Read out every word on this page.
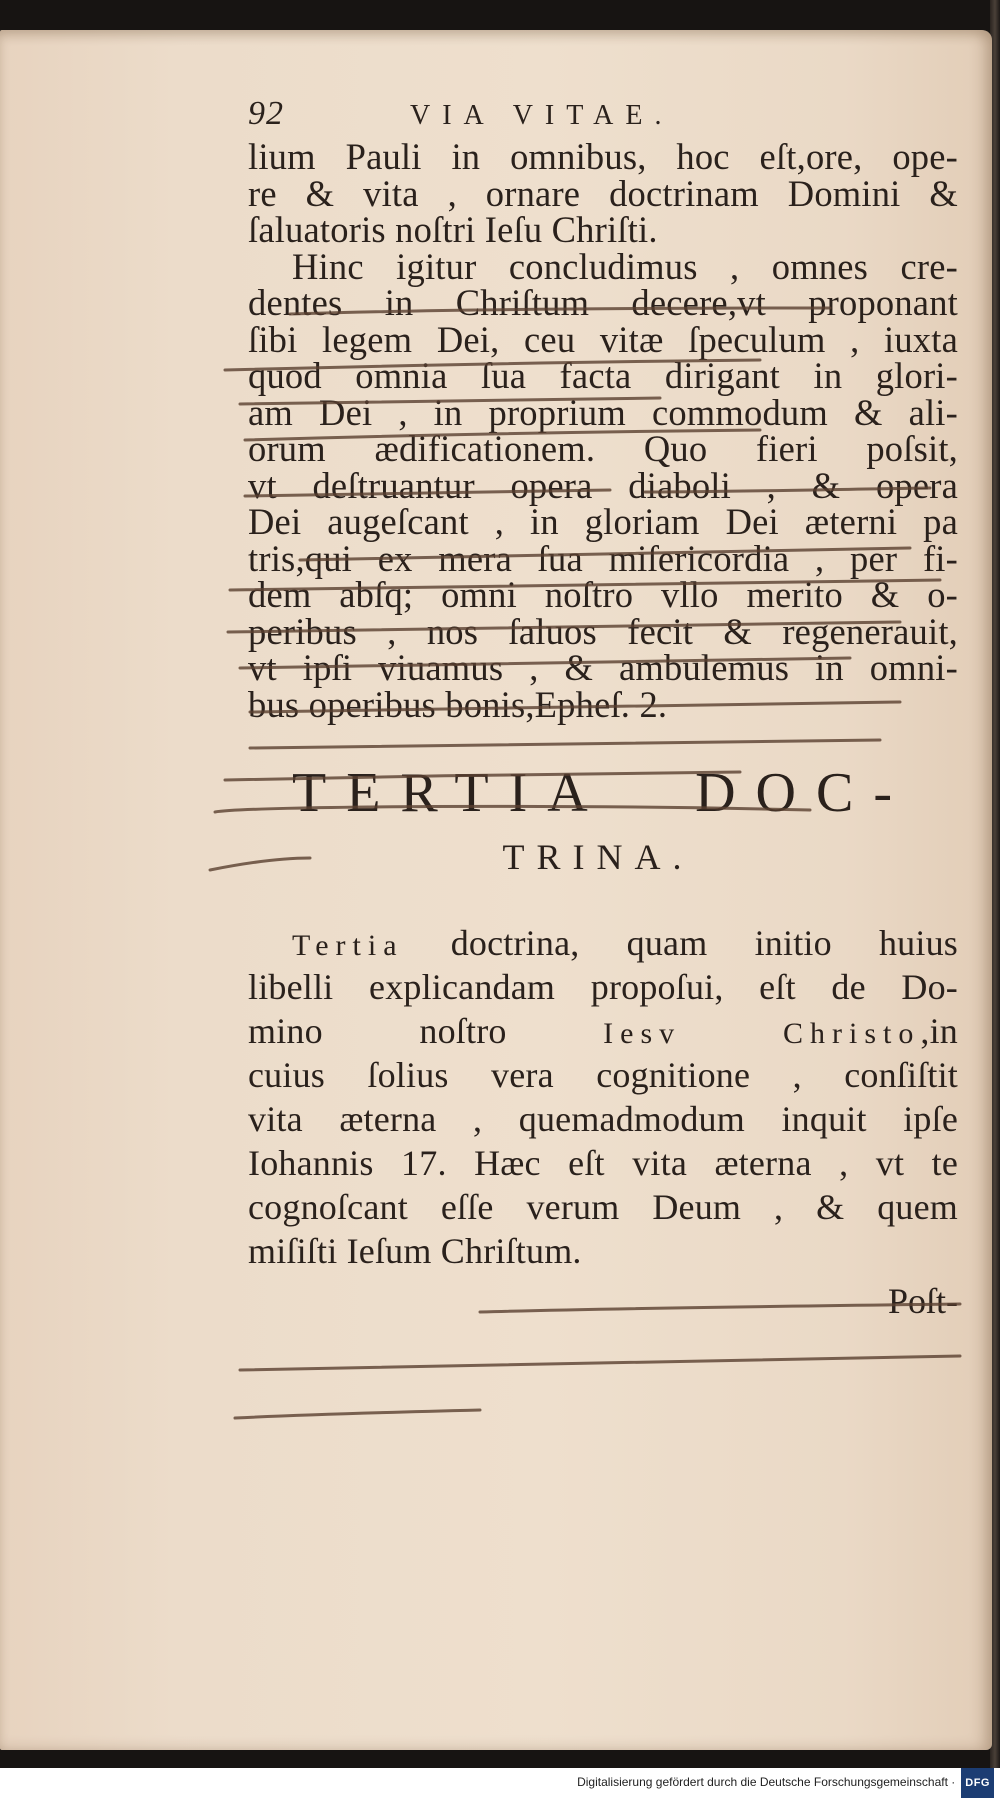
92	VIA VITAE.
lium Pauli in omnibus, hoc eſt,ore, ope-
re & vita , ornare doctrinam Domini &
ſaluatoris noſtri Ieſu Chriſti.
Hinc igitur concludimus , omnes cre-
dentes in Chriſtum decere,vt proponant
ſibi legem Dei, ceu vitæ ſpeculum , iuxta
quod omnia ſua facta dirigant in glori-
am Dei , in proprium commodum & ali-
orum ædificationem. Quo fieri poſsit,
vt deſtruantur opera diaboli , & opera
Dei augeſcant , in gloriam Dei æterni pa
tris,qui ex mera ſua miſericordia , per fi-
dem abſq; omni noſtro vllo merito & o-
peribus , nos ſaluos fecit & regenerauit,
vt ipſi viuamus , & ambulemus in omni-
bus operibus bonis,Epheſ. 2.
TERTIA DOC-
TRINA.
Tertia doctrina, quam initio huius
libelli explicandam propoſui, eſt de Do-
mino noſtro Iesv Christo,in
cuius ſolius vera cognitione , conſiſtit
vita æterna , quemadmodum inquit ipſe
Iohannis 17. Hæc eſt vita æterna , vt te
cognoſcant eſſe verum Deum , & quem
miſiſti Ieſum Chriſtum.
Poſt-
Digitalisierung gefördert durch die Deutsche Forschungsgemeinschaft · DFG
